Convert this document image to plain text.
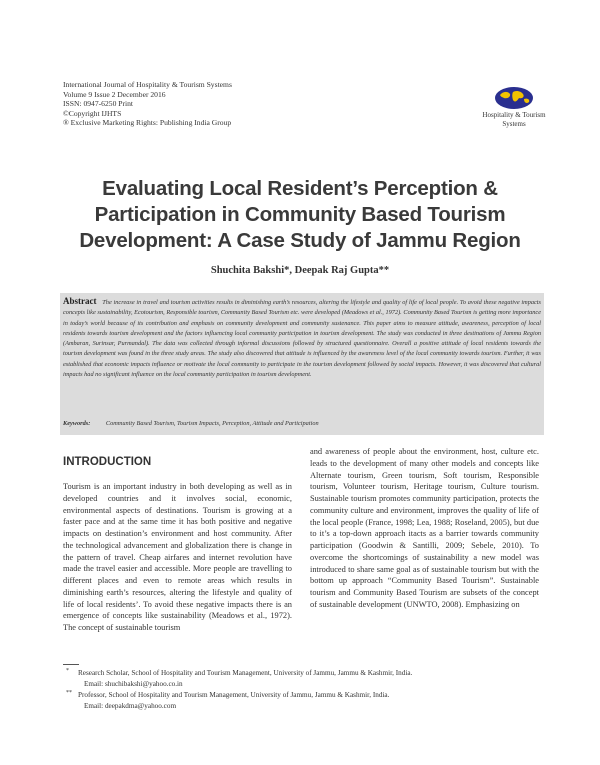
International Journal of Hospitality & Tourism Systems
Volume 9 Issue 2 December 2016
ISSN: 0947-6250 Print
©Copyright IJHTS
® Exclusive Marketing Rights: Publishing India Group
Hospitality & Tourism
Systems
Evaluating Local Resident’s Perception &
Participation in Community Based Tourism
Development: A Case Study of Jammu Region
Shuchita Bakshi*, Deepak Raj Gupta**
Abstract The increase in travel and tourism activities results in diminishing earth’s resources, altering the lifestyle and quality of life of local people. To avoid these negative impacts concepts like sustainability, Ecotourism, Responsible tourism, Community Based Tourism etc. were developed (Meadows et al., 1972). Community Based Tourism is getting more importance in today’s world because of its contribution and emphasis on community development and community sustenance. This paper aims to measure attitude, awareness, perception of local residents towards tourism development and the factors influencing local community participation in tourism development. The study was conducted in three destinations of Jammu Region (Ambaran, Surinsar, Purmandal). The data was collected through informal discussions followed by structured questionnaire. Overall a positive attitude of local residents towards the tourism development was found in the three study areas. The study also discovered that attitude is influenced by the awareness level of the local community towards tourism. Further, it was established that economic impacts influence or motivate the local community to participate in the tourism development followed by social impacts. However, it was discovered that cultural impacts had no significant influence on the local community participation in tourism development.
Keywords: Community Based Tourism, Tourism Impacts, Perception, Attitude and Participation
INTRODUCTION
Tourism is an important industry in both developing as well as in developed countries and it involves social, economic, environmental aspects of destinations. Tourism is growing at a faster pace and at the same time it has both positive and negative impacts on destination’s environment and host community. After the technological advancement and globalization there is change in the pattern of travel. Cheap airfares and internet revolution have made the travel easier and accessible. More people are travelling to different places and even to remote areas which results in diminishing earth’s resources, altering the lifestyle and quality of life of local residents’. To avoid these negative impacts there is an emergence of concepts like sustainability (Meadows et al., 1972). The concept of sustainable tourism
and awareness of people about the environment, host, culture etc. leads to the development of many other models and concepts like Alternate tourism, Green tourism, Soft tourism, Responsible tourism, Volunteer tourism, Heritage tourism, Culture tourism. Sustainable tourism promotes community participation, protects the community culture and environment, improves the quality of life of the local people (France, 1998; Lea, 1988; Roseland, 2005), but due to it’s a top-down approach itacts as a barrier towards community participation (Goodwin & Santilli, 2009; Sebele, 2010). To overcome the shortcomings of sustainability a new model was introduced to share same goal as of sustainable tourism but with the bottom up approach “Community Based Tourism”. Sustainable tourism and Community Based Tourism are subsets of the concept of sustainable development (UNWTO, 2008). Emphasizing on
* Research Scholar, School of Hospitality and Tourism Management, University of Jammu, Jammu & Kashmir, India.
Email: shuchibakshi@yahoo.co.in
** Professor, School of Hospitality and Tourism Management, University of Jammu, Jammu & Kashmir, India.
Email: deepakdma@yahoo.com
